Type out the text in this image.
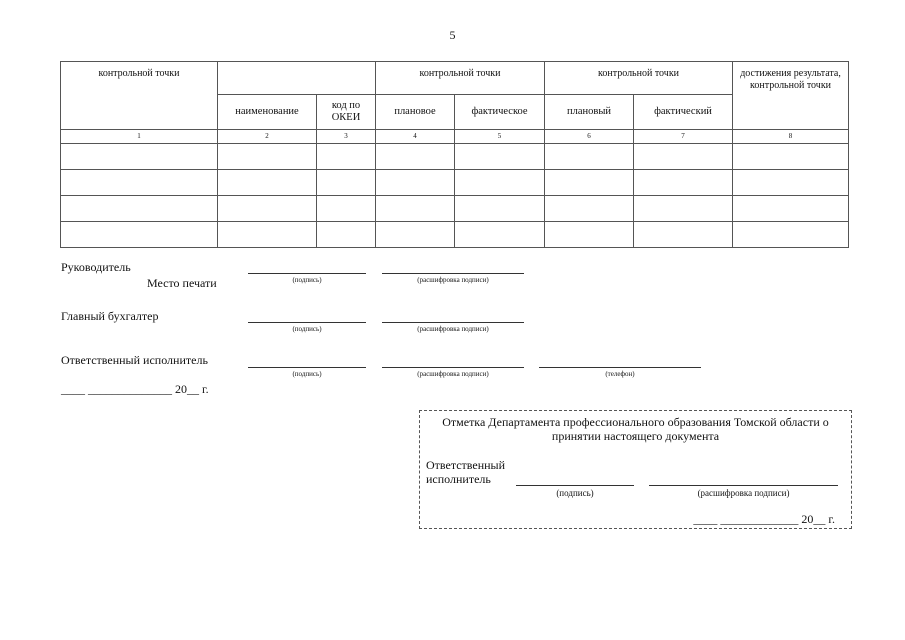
5
контрольной точки			контрольной точки		контрольной точки		достижения результата, контрольной точки
	наименование	код по ОКЕИ	плановое	фактическое	плановый	фактический	
1	2	3	4	5	6	7	8

Руководитель
Место печати	(подпись)	(расшифровка подписи)
Главный бухгалтер
(подпись)	(расшифровка подписи)
Ответственный исполнитель
(подпись)	(расшифровка подписи)	(телефон)
____ ______________ 20__ г.
Отметка Департамента профессионального образования Томской области о принятии настоящего документа
Ответственный
исполнитель
(подпись)	(расшифровка подписи)
____ _____________ 20__ г.
